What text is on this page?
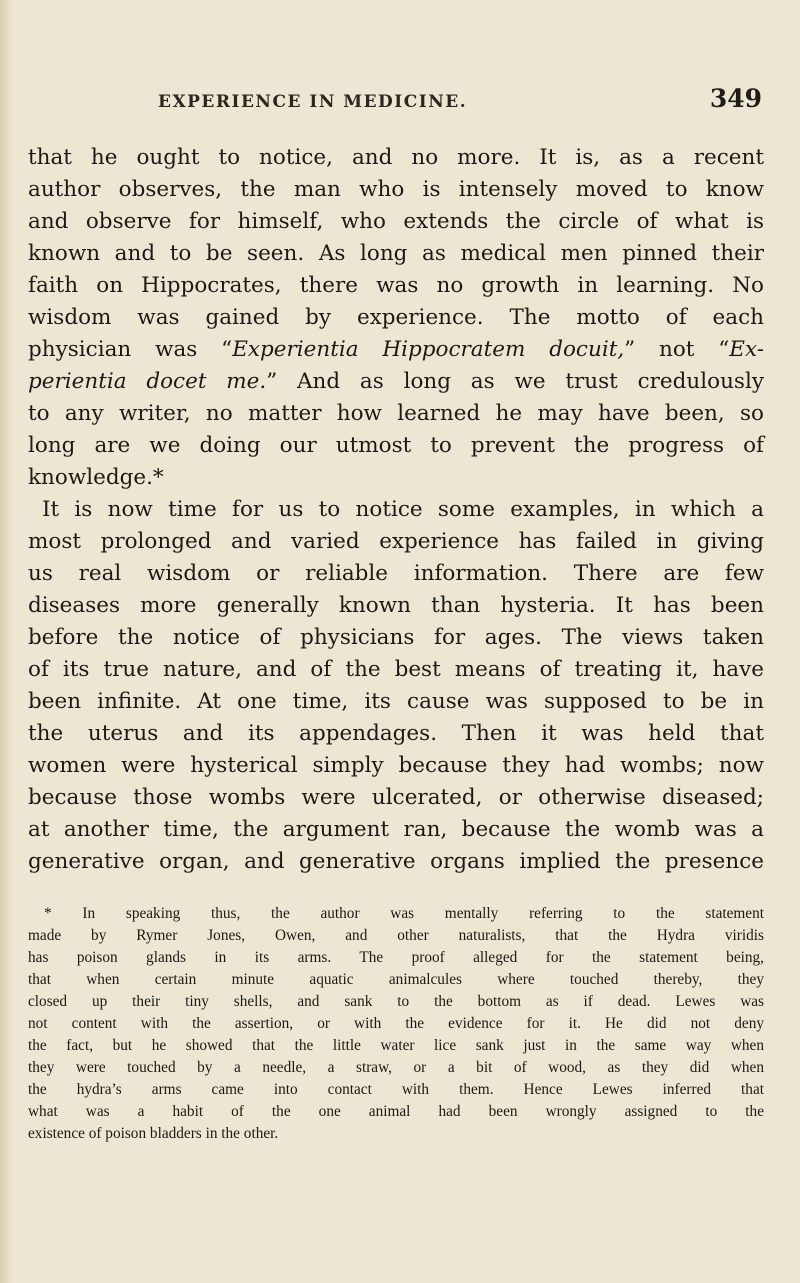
EXPERIENCE IN MEDICINE.	349
that he ought to notice, and no more. It is, as a recent
author observes, the man who is intensely moved to know
and observe for himself, who extends the circle of what is
known and to be seen. As long as medical men pinned their
faith on Hippocrates, there was no growth in learning. No
wisdom was gained by experience. The motto of each
physician was “Experientia Hippocratem docuit,” not “Ex-
perientia docet me.” And as long as we trust credulously
to any writer, no matter how learned he may have been, so
long are we doing our utmost to prevent the progress of
knowledge.*
It is now time for us to notice some examples, in which a
most prolonged and varied experience has failed in giving
us real wisdom or reliable information. There are few
diseases more generally known than hysteria. It has been
before the notice of physicians for ages. The views taken
of its true nature, and of the best means of treating it, have
been infinite. At one time, its cause was supposed to be in
the uterus and its appendages. Then it was held that
women were hysterical simply because they had wombs; now
because those wombs were ulcerated, or otherwise diseased;
at another time, the argument ran, because the womb was a
generative organ, and generative organs implied the presence
* In speaking thus, the author was mentally referring to the statement
made by Rymer Jones, Owen, and other naturalists, that the Hydra viridis
has poison glands in its arms. The proof alleged for the statement being,
that when certain minute aquatic animalcules where touched thereby, they
closed up their tiny shells, and sank to the bottom as if dead. Lewes was
not content with the assertion, or with the evidence for it. He did not deny
the fact, but he showed that the little water lice sank just in the same way when
they were touched by a needle, a straw, or a bit of wood, as they did when
the hydra’s arms came into contact with them. Hence Lewes inferred that
what was a habit of the one animal had been wrongly assigned to the
existence of poison bladders in the other.
